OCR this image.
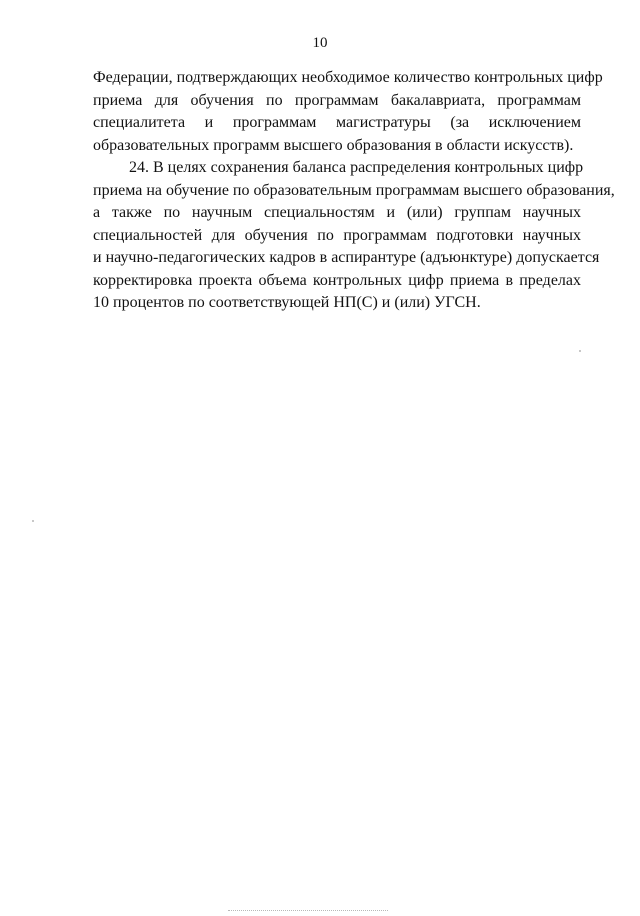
10

Федерации, подтверждающих необходимое количество контрольных цифр
приема для обучения по программам бакалавриата, программам
специалитета и программам магистратуры (за исключением
образовательных программ высшего образования в области искусств).

24. В целях сохранения баланса распределения контрольных цифр
приема на обучение по образовательным программам высшего образования,
а также по научным специальностям и (или) группам научных
специальностей для обучения по программам подготовки научных
и научно-педагогических кадров в аспирантуре (адъюнктуре) допускается
корректировка проекта объема контрольных цифр приема в пределах
10 процентов по соответствующей НП(С) и (или) УГСН.
